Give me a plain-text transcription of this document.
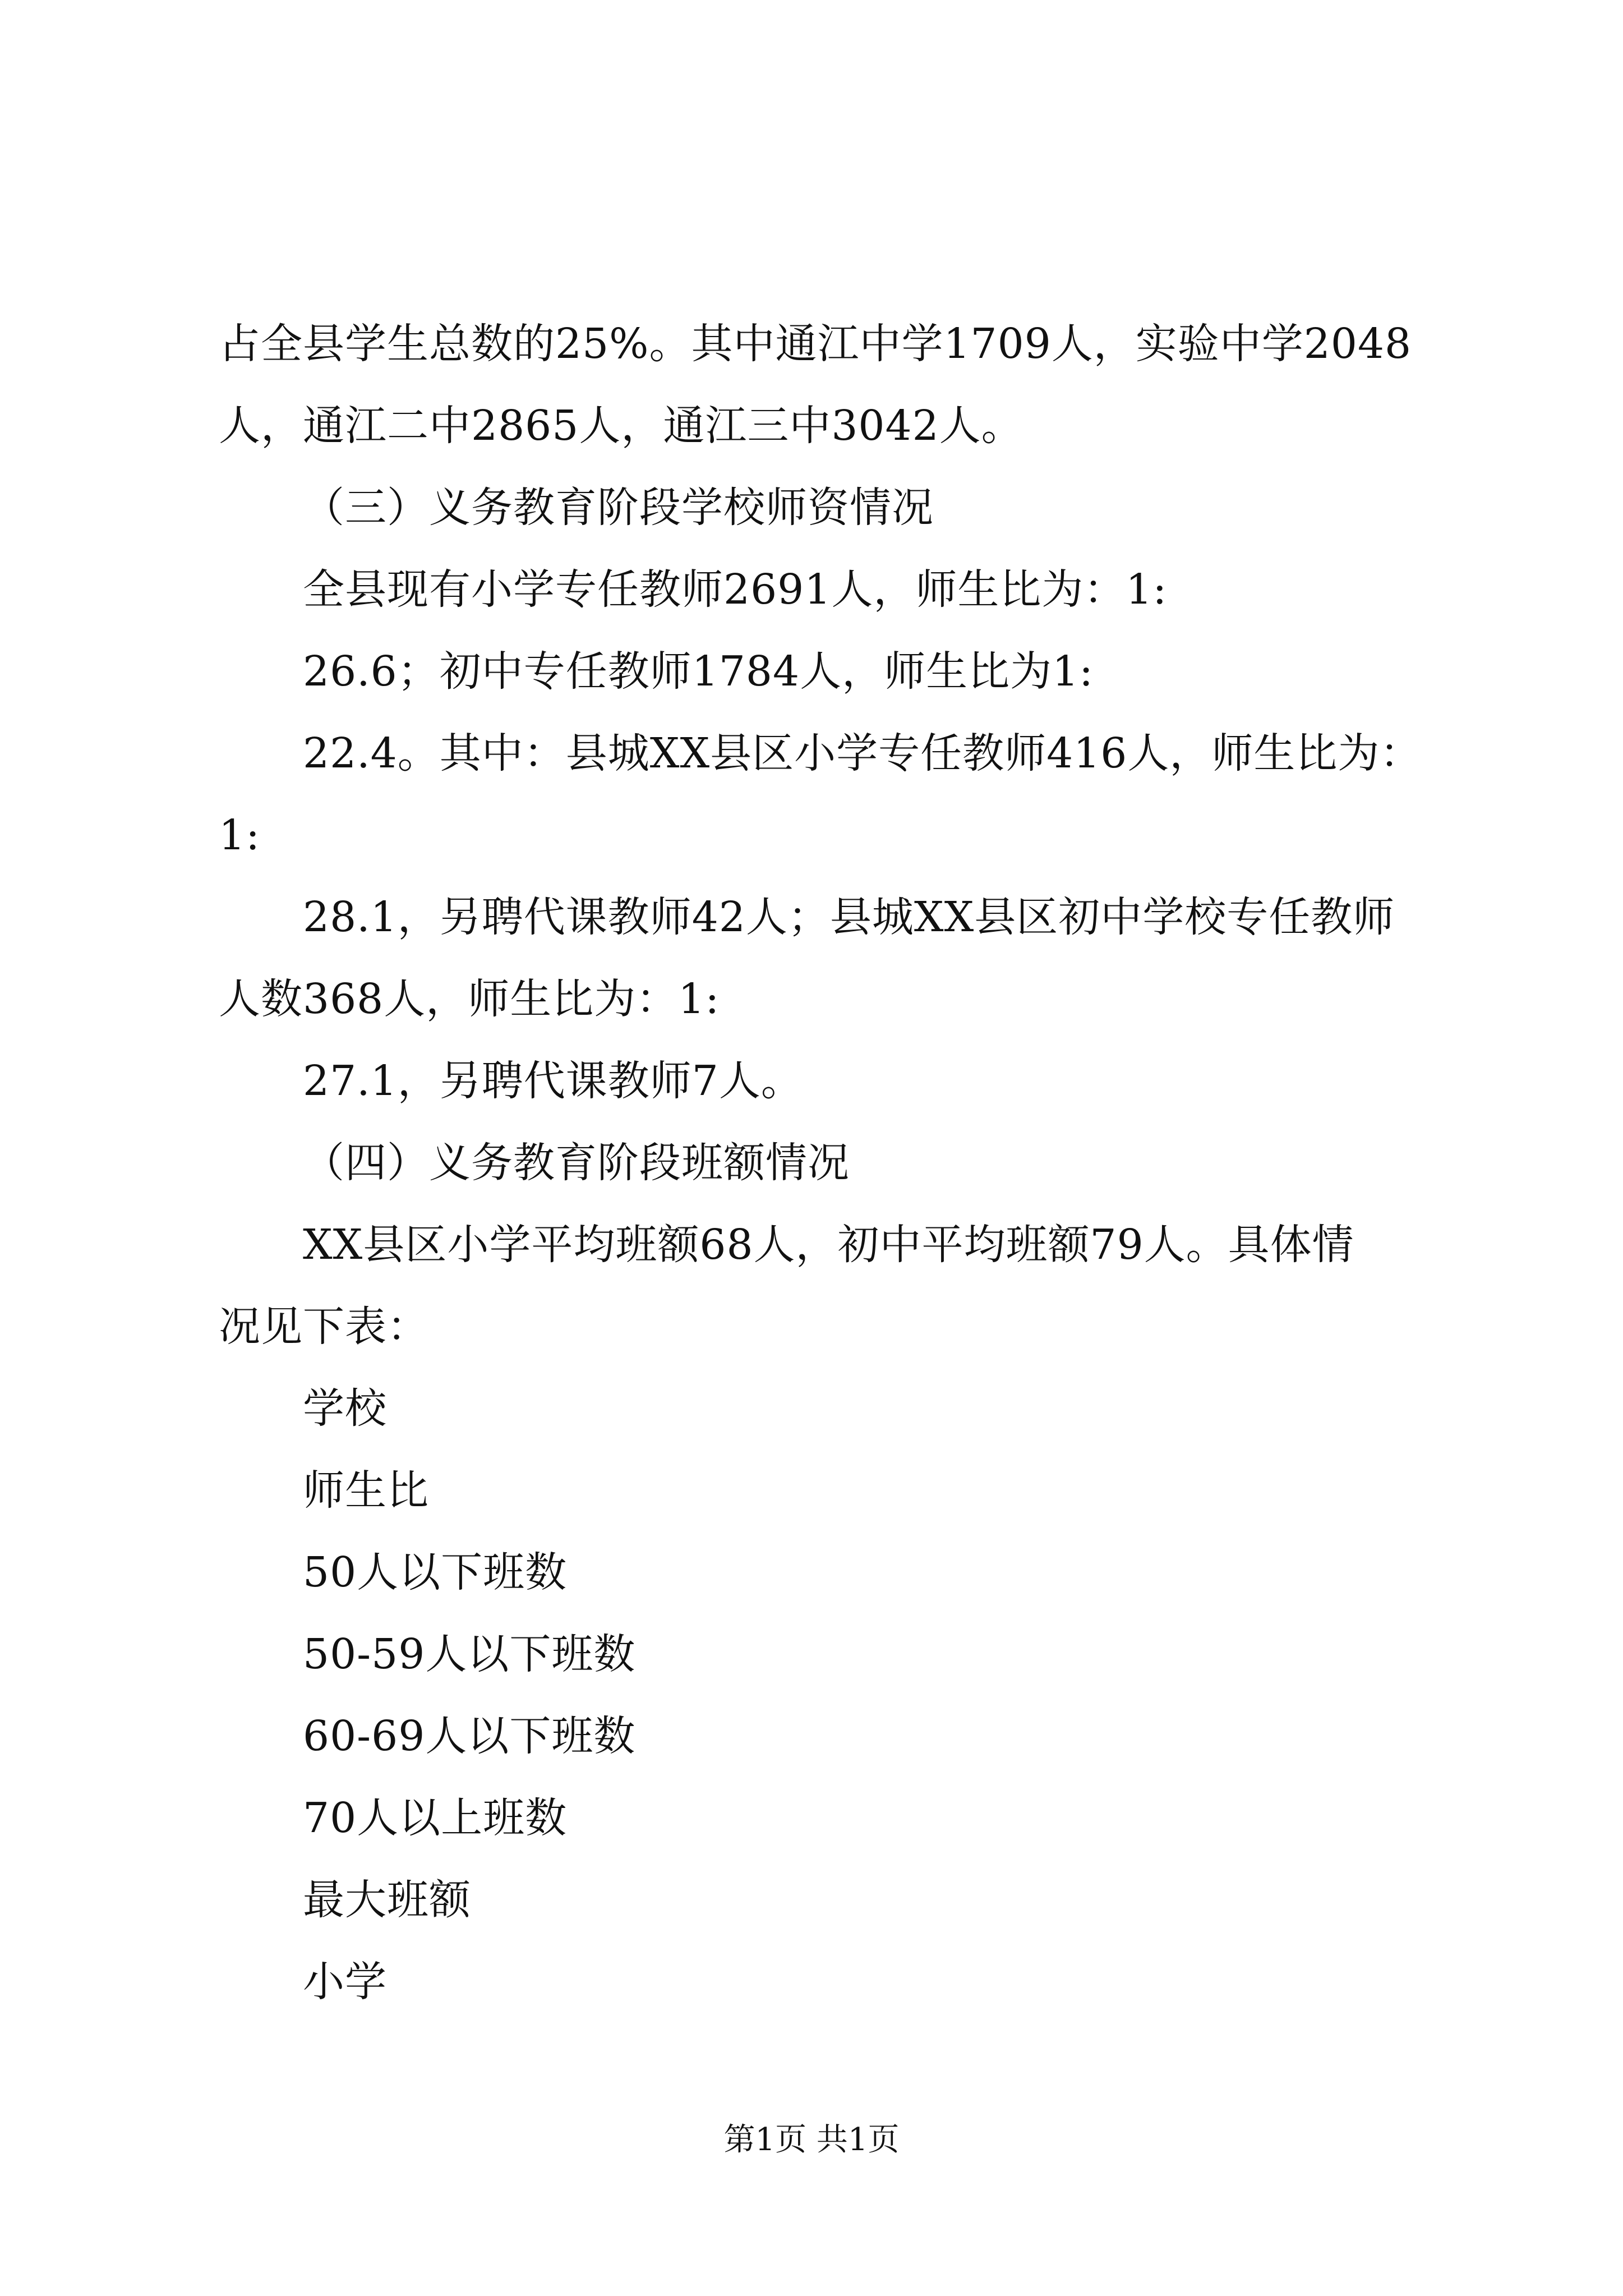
占全县学生总数的25%。其中通江中学1709人，实验中学2048
人，通江二中2865人，通江三中3042人。
（三）义务教育阶段学校师资情况
全县现有小学专任教师2691人，师生比为：1:
26.6；初中专任教师1784人，师生比为1:
22.4。其中：县城XX县区小学专任教师416人，师生比为：
1:
28.1，另聘代课教师42人；县城XX县区初中学校专任教师
人数368人，师生比为：1:
27.1，另聘代课教师7人。
（四）义务教育阶段班额情况
XX县区小学平均班额68人，初中平均班额79人。具体情
况见下表：
学校
师生比
50人以下班数
50-59人以下班数
60-69人以下班数
70人以上班数
最大班额
小学
第1页 共1页
